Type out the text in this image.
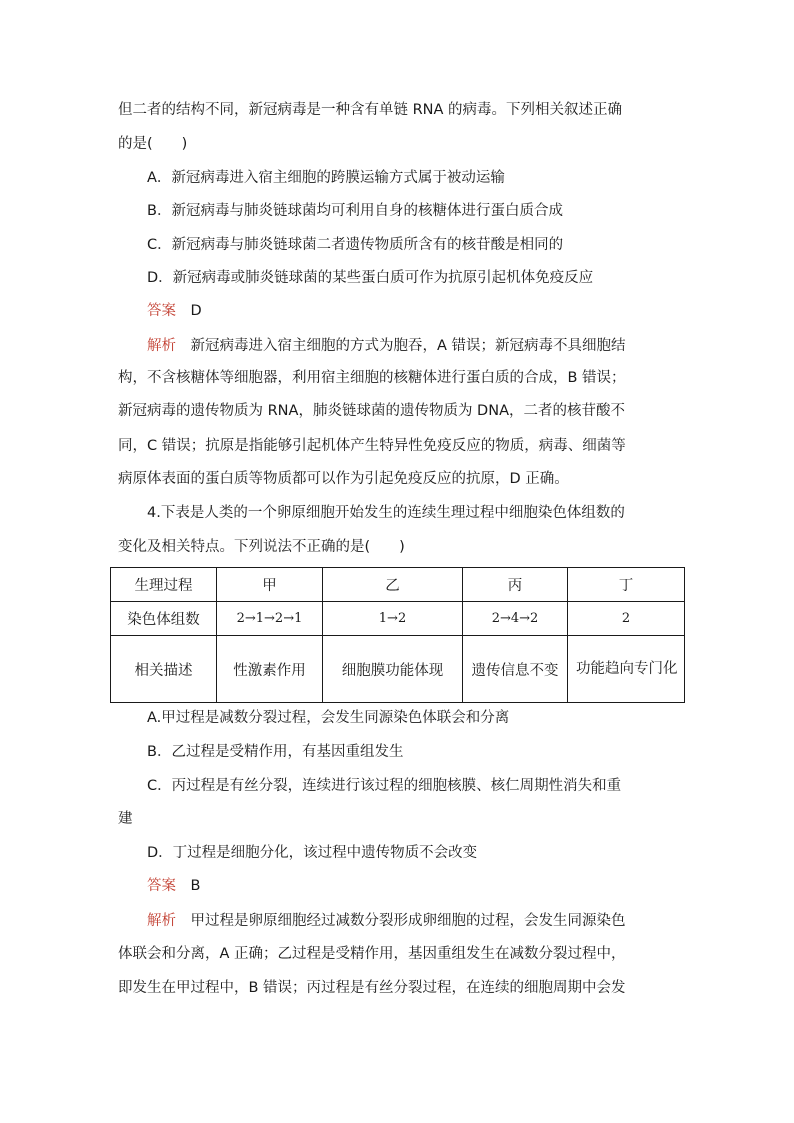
但二者的结构不同，新冠病毒是一种含有单链 RNA 的病毒。下列相关叙述正确
的是(　　)
A．新冠病毒进入宿主细胞的跨膜运输方式属于被动运输
B．新冠病毒与肺炎链球菌均可利用自身的核糖体进行蛋白质合成
C．新冠病毒与肺炎链球菌二者遗传物质所含有的核苷酸是相同的
D．新冠病毒或肺炎链球菌的某些蛋白质可作为抗原引起机体免疫反应
答案  D
解析  新冠病毒进入宿主细胞的方式为胞吞，A 错误；新冠病毒不具细胞结
构，不含核糖体等细胞器，利用宿主细胞的核糖体进行蛋白质的合成，B 错误；
新冠病毒的遗传物质为 RNA，肺炎链球菌的遗传物质为 DNA，二者的核苷酸不
同，C 错误；抗原是指能够引起机体产生特异性免疫反应的物质，病毒、细菌等
病原体表面的蛋白质等物质都可以作为引起免疫反应的抗原，D 正确。
4.下表是人类的一个卵原细胞开始发生的连续生理过程中细胞染色体组数的
变化及相关特点。下列说法不正确的是(　　)
生理过程	甲	乙	丙	丁
染色体组数	2→1→2→1	1→2	2→4→2	2
相关描述	性激素作用	细胞膜功能体现	遗传信息不变	功能趋向专门化
A.甲过程是减数分裂过程，会发生同源染色体联会和分离
B．乙过程是受精作用，有基因重组发生
C．丙过程是有丝分裂，连续进行该过程的细胞核膜、核仁周期性消失和重
建
D．丁过程是细胞分化，该过程中遗传物质不会改变
答案  B
解析  甲过程是卵原细胞经过减数分裂形成卵细胞的过程，会发生同源染色
体联会和分离，A 正确；乙过程是受精作用，基因重组发生在减数分裂过程中，
即发生在甲过程中，B 错误；丙过程是有丝分裂过程，在连续的细胞周期中会发
